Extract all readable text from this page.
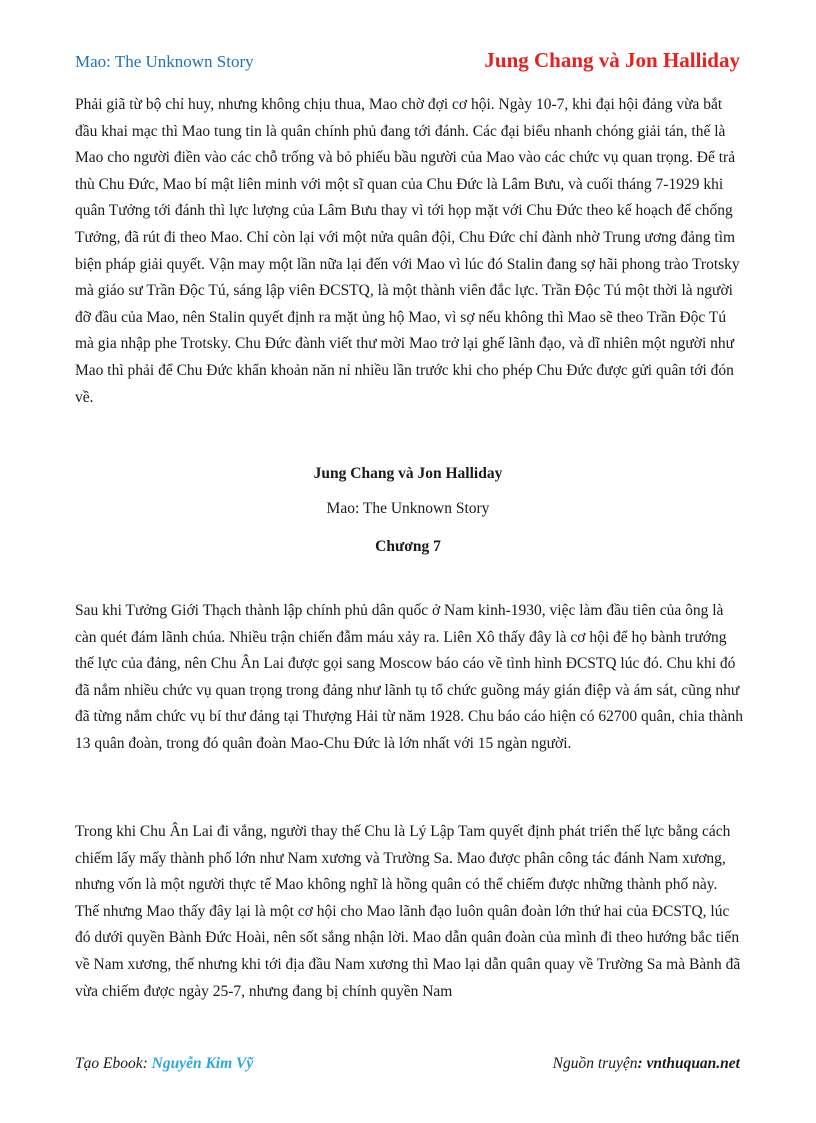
Mao: The Unknown Story	Jung Chang và Jon Halliday
Phải giã từ bộ chỉ huy, nhưng không chịu thua, Mao chờ đợi cơ hội. Ngày 10-7, khi đại hội đảng vừa bắt đầu khai mạc thì Mao tung tin là quân chính phủ đang tới đánh. Các đại biểu nhanh chóng giải tán, thế là Mao cho người điền vào các chỗ trống và bỏ phiếu bầu người của Mao vào các chức vụ quan trọng. Để trả thù Chu Đức, Mao bí mật liên minh với một sĩ quan của Chu Đức là Lâm Bưu, và cuối tháng 7-1929 khi quân Tưởng tới đánh thì lực lượng của Lâm Bưu thay vì tới họp mặt với Chu Đức theo kế hoạch để chống Tưởng, đã rút đi theo Mao. Chỉ còn lại với một nửa quân đội, Chu Đức chỉ đành nhờ Trung ương đảng tìm biện pháp giải quyết. Vận may một lần nữa lại đến với Mao vì lúc đó Stalin đang sợ hãi phong trào Trotsky mà giáo sư Trần Độc Tú, sáng lập viên ĐCSTQ, là một thành viên đắc lực. Trần Độc Tú một thời là người đỡ đầu của Mao, nên Stalin quyết định ra mặt ủng hộ Mao, vì sợ nếu không thì Mao sẽ theo Trần Độc Tú mà gia nhập phe Trotsky. Chu Đức đành viết thư mời Mao trở lại ghế lãnh đạo, và dĩ nhiên một người như Mao thì phải để Chu Đức khẩn khoản năn nỉ nhiều lần trước khi cho phép Chu Đức được gửi quân tới đón về.
Jung Chang và Jon Halliday
Mao: The Unknown Story
Chương 7
Sau khi Tưởng Giới Thạch thành lập chính phủ dân quốc ở Nam kinh-1930, việc làm đầu tiên của ông là càn quét đám lãnh chúa. Nhiều trận chiến đẫm máu xảy ra. Liên Xô thấy đây là cơ hội để họ bành trướng thế lực của đảng, nên Chu Ân Lai được gọi sang Moscow báo cáo về tình hình ĐCSTQ lúc đó. Chu khi đó đã nắm nhiều chức vụ quan trọng trong đảng như lãnh tụ tổ chức guồng máy gián điệp và ám sát, cũng như đã từng nắm chức vụ bí thư đảng tại Thượng Hải từ năm 1928. Chu báo cáo hiện có 62700 quân, chia thành 13 quân đoàn, trong đó quân đoàn Mao-Chu Đức là lớn nhất với 15 ngàn người.
Trong khi Chu Ân Lai đi vắng, người thay thế Chu là Lý Lập Tam quyết định phát triển thế lực bằng cách chiếm lấy mấy thành phố lớn như Nam xương và Trường Sa. Mao được phân công tác đánh Nam xương, nhưng vốn là một người thực tế Mao không nghĩ là hồng quân có thể chiếm được những thành phố này. Thế nhưng Mao thấy đây lại là một cơ hội cho Mao lãnh đạo luôn quân đoàn lớn thứ hai của ĐCSTQ, lúc đó dưới quyền Bành Đức Hoài, nên sốt sắng nhận lời. Mao dẫn quân đoàn của mình đi theo hướng bắc tiến về Nam xương, thế nhưng khi tới địa đầu Nam xương thì Mao lại dẫn quân quay về Trường Sa mà Bành đã vừa chiếm được ngày 25-7, nhưng đang bị chính quyền Nam
Tạo Ebook: Nguyễn Kim Vỹ	Nguồn truyện: vnthuquan.net
